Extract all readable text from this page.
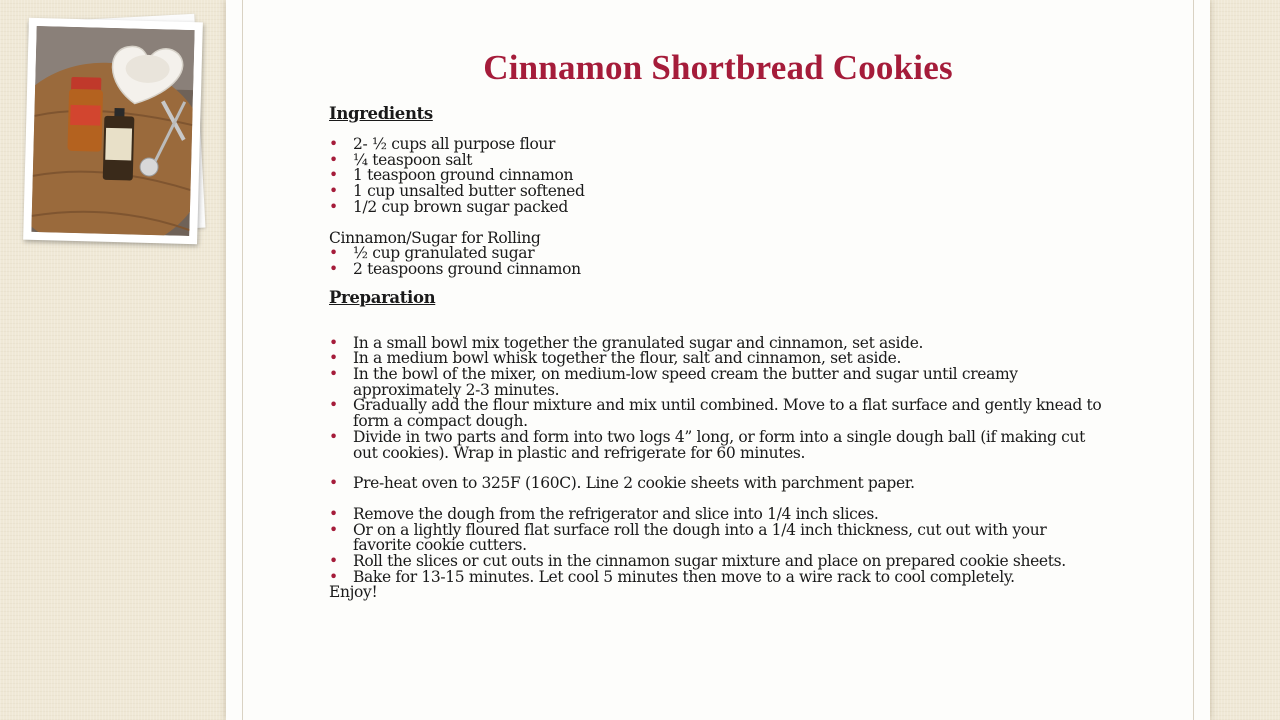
Cinnamon Shortbread Cookies
Ingredients
• 2- ½ cups all purpose flour
• ¼ teaspoon salt
• 1 teaspoon ground cinnamon
• 1 cup unsalted butter softened
• 1/2 cup brown sugar packed
Cinnamon/Sugar for Rolling
• ½ cup granulated sugar
• 2 teaspoons ground cinnamon
Preparation
• In a small bowl mix together the granulated sugar and cinnamon, set aside.
• In a medium bowl whisk together the flour, salt and cinnamon, set aside.
• In the bowl of the mixer, on medium-low speed cream the butter and sugar until creamy approximately 2-3 minutes.
• Gradually add the flour mixture and mix until combined. Move to a flat surface and gently knead to form a compact dough.
• Divide in two parts and form into two logs 4” long, or form into a single dough ball (if making cut out cookies). Wrap in plastic and refrigerate for 60 minutes.
• Pre-heat oven to 325F (160C). Line 2 cookie sheets with parchment paper.
• Remove the dough from the refrigerator and slice into 1/4 inch slices.
• Or on a lightly floured flat surface roll the dough into a 1/4 inch thickness, cut out with your favorite cookie cutters.
• Roll the slices or cut outs in the cinnamon sugar mixture and place on prepared cookie sheets.
• Bake for 13-15 minutes. Let cool 5 minutes then move to a wire rack to cool completely.
Enjoy!
